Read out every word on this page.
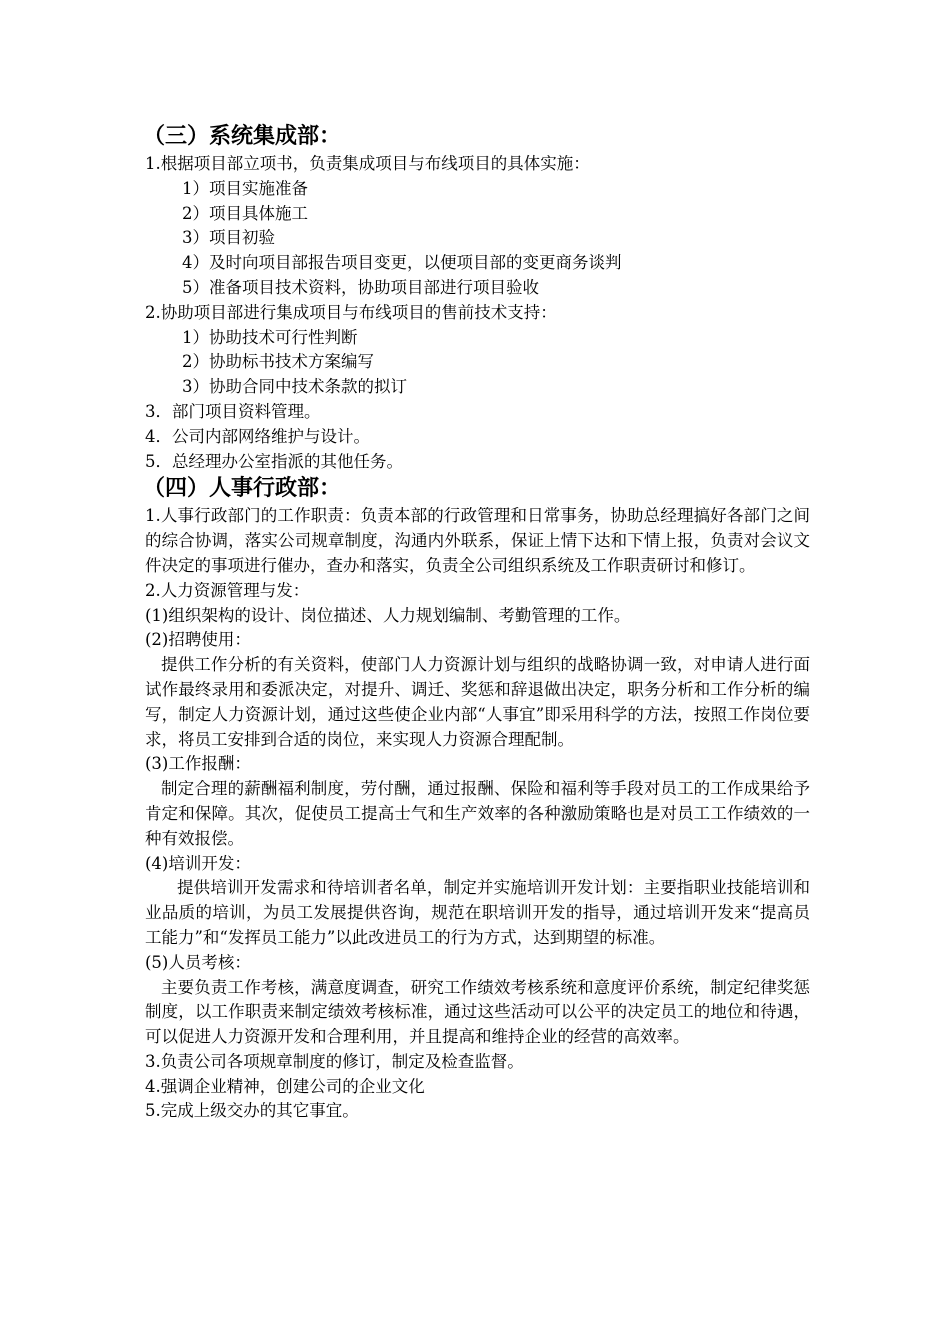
（三）系统集成部：
1.根据项目部立项书，负责集成项目与布线项目的具体实施：
1）项目实施准备
2）项目具体施工
3）项目初验
4）及时向项目部报告项目变更，以便项目部的变更商务谈判
5）准备项目技术资料，协助项目部进行项目验收
2.协助项目部进行集成项目与布线项目的售前技术支持：
1）协助技术可行性判断
2）协助标书技术方案编写
3）协助合同中技术条款的拟订
3．部门项目资料管理。
4．公司内部网络维护与设计。
5．总经理办公室指派的其他任务。
（四）人事行政部：
1.人事行政部门的工作职责：负责本部的行政管理和日常事务，协助总经理搞好各部门之间的综合协调，落实公司规章制度，沟通内外联系，保证上情下达和下情上报，负责对会议文件决定的事项进行催办，查办和落实，负责全公司组织系统及工作职责研讨和修订。
2.人力资源管理与发：
(1)组织架构的设计、岗位描述、人力规划编制、考勤管理的工作。
(2)招聘使用：
提供工作分析的有关资料，使部门人力资源计划与组织的战略协调一致，对申请人进行面试作最终录用和委派决定，对提升、调迁、奖惩和辞退做出决定，职务分析和工作分析的编写，制定人力资源计划，通过这些使企业内部“人事宜”即采用科学的方法，按照工作岗位要求，将员工安排到合适的岗位，来实现人力资源合理配制。
(3)工作报酬：
制定合理的薪酬福利制度，劳付酬，通过报酬、保险和福利等手段对员工的工作成果给予肯定和保障。其次，促使员工提高士气和生产效率的各种激励策略也是对员工工作绩效的一种有效报偿。
(4)培训开发：
提供培训开发需求和待培训者名单，制定并实施培训开发计划：主要指职业技能培训和业品质的培训，为员工发展提供咨询，规范在职培训开发的指导，通过培训开发来“提高员工能力”和“发挥员工能力”以此改进员工的行为方式，达到期望的标准。
(5)人员考核：
主要负责工作考核，满意度调查，研究工作绩效考核系统和意度评价系统，制定纪律奖惩制度，以工作职责来制定绩效考核标准，通过这些活动可以公平的决定员工的地位和待遇，可以促进人力资源开发和合理利用，并且提高和维持企业的经营的高效率。
3.负责公司各项规章制度的修订，制定及检查监督。
4.强调企业精神，创建公司的企业文化
5.完成上级交办的其它事宜。
